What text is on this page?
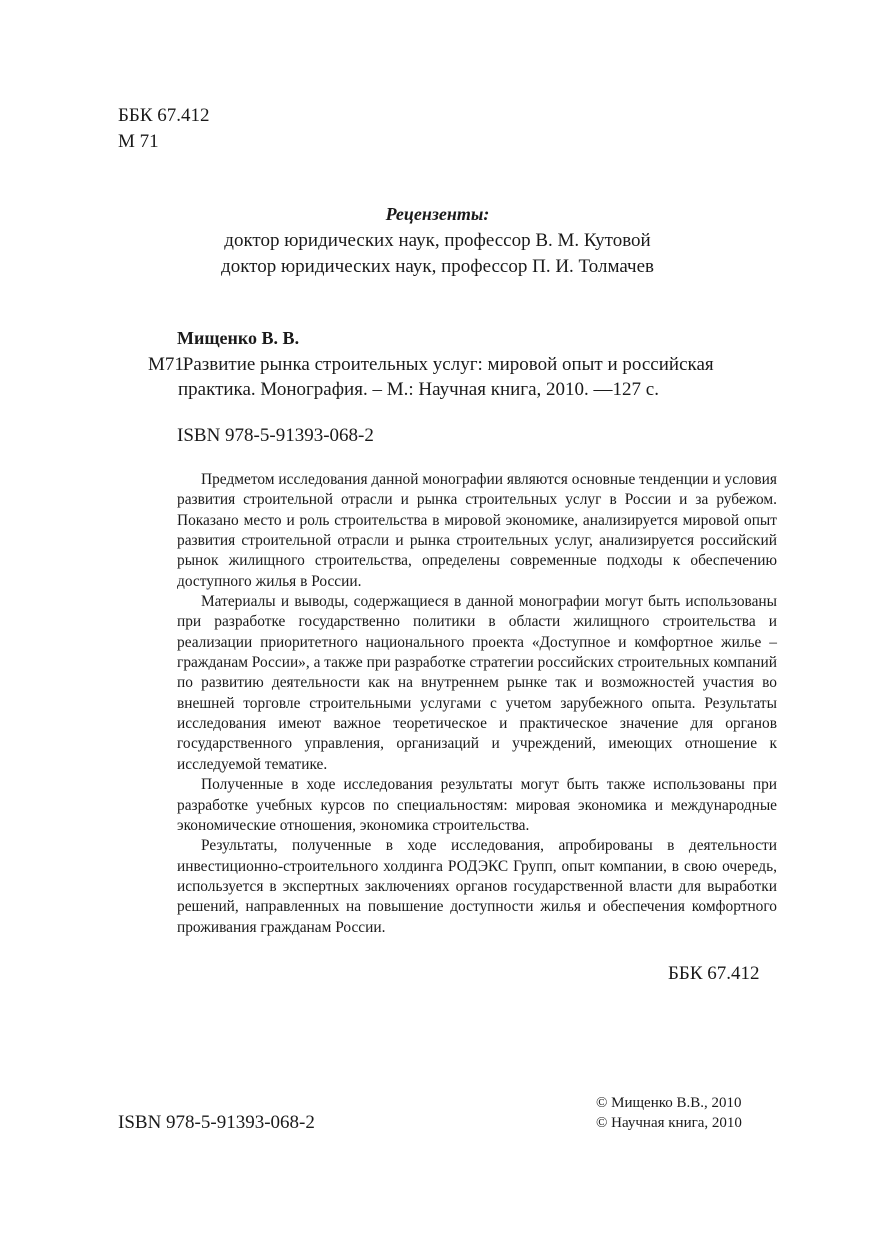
ББК 67.412
М 71
Рецензенты:
доктор юридических наук, профессор В. М. Кутовой
доктор юридических наук, профессор П. И. Толмачев
Мищенко В. В.
М71 Развитие рынка строительных услуг: мировой опыт и российская
практика. Монография. – М.: Научная книга, 2010. —127 с.
ISBN 978-5-91393-068-2

Предметом исследования данной монографии являются основные тенденции и условия развития строительной отрасли и рынка строительных услуг в России и за рубежом. Показано место и роль строительства в мировой экономике, анализируется мировой опыт развития строительной отрасли и рынка строительных услуг, анализируется российский рынок жилищного строительства, определены современные подходы к обеспечению доступного жилья в России.

Материалы и выводы, содержащиеся в данной монографии могут быть использованы при разработке государственно политики в области жилищного строительства и реализации приоритетного национального проекта «Доступное и комфортное жилье – гражданам России», а также при разработке стратегии российских строительных компаний по развитию деятельности как на внутреннем рынке так и возможностей участия во внешней торговле строительными услугами с учетом зарубежного опыта. Результаты исследования имеют важное теоретическое и практическое значение для органов государственного управления, организаций и учреждений, имеющих отношение к исследуемой тематике.

Полученные в ходе исследования результаты могут быть также использованы при разработке учебных курсов по специальностям: мировая экономика и международные экономические отношения, экономика строительства.

Результаты, полученные в ходе исследования, апробированы в деятельности инвестиционно-строительного холдинга РОДЭКС Групп, опыт компании, в свою очередь, используется в экспертных заключениях органов государственной власти для выработки решений, направленных на повышение доступности жилья и обеспечения комфортного проживания гражданам России.

ББК 67.412
ISBN 978-5-91393-068-2
© Мищенко В.В., 2010
© Научная книга, 2010
